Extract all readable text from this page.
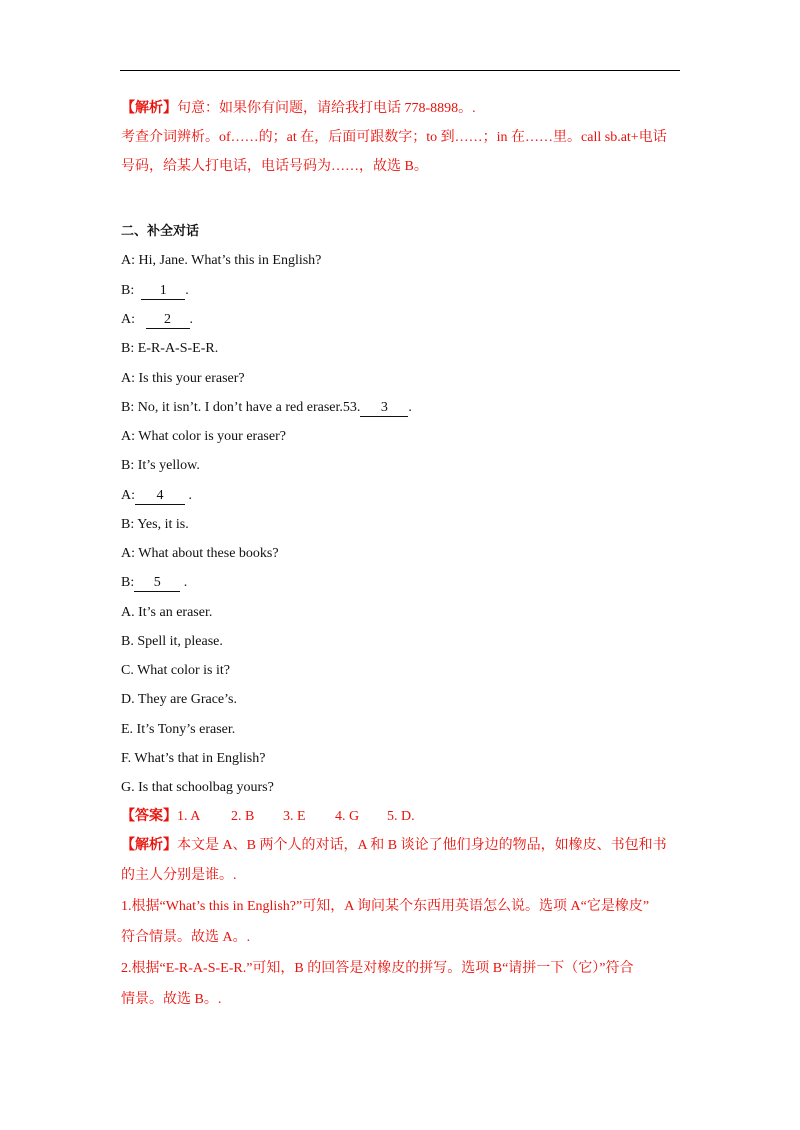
【解析】句意：如果你有问题，请给我打电话 778-8898。.
考查介词辨析。of……的；at 在，后面可跟数字；to 到……；in 在……里。call sb.at+电话
号码，给某人打电话，电话号码为……，故选 B。
二、补全对话
A: Hi, Jane. What’s this in English?
B: 1 .
A: 2 .
B: E-R-A-S-E-R.
A: Is this your eraser?
B: No, it isn’t. I don’t have a red eraser.53. 3 .
A: What color is your eraser?
B: It’s yellow.
A: 4 .
B: Yes, it is.
A: What about these books?
B: 5 .
A. It’s an eraser.
B. Spell it, please.
C. What color is it?
D. They are Grace’s.
E. It’s Tony’s eraser.
F. What’s that in English?
G. Is that schoolbag yours?
【答案】1. A 2. B 3. E 4. G 5. D.
【解析】本文是 A、B 两个人的对话，A 和 B 谈论了他们身边的物品，如橡皮、书包和书
的主人分别是谁。.
1.根据“What’s this in English?”可知，A 询问某个东西用英语怎么说。选项 A“它是橡皮”
符合情景。故选 A。.
2.根据“E-R-A-S-E-R.”可知，B 的回答是对橡皮的拼写。选项 B“请拼一下（它）”符合
情景。故选 B。.
